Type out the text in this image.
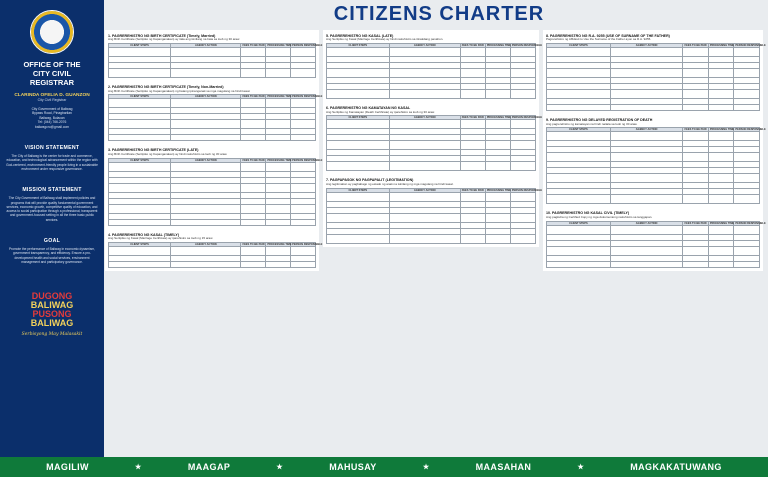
OFFICE OF THE
CITY CIVIL
REGISTRAR
CLARINDA OFELIA D. GUANZON
City Civil Registrar
City Government of Baliwag
Bypass Road, Pinagbarilan
Baliwag, Bulacan
Tel: (044) 766-2076
baliwagcro@gmail.com
VISION STATEMENT
The City of Baliwag is the center for trade and commerce, education, and technological advancement within the region with God-centered, environment-friendly people living in a sustainable environment under responsive governance.
MISSION STATEMENT
The City Government of Baliwag shall implement policies and programs that will provide quality fundamental government services, economic growth, competitive quality of education, and access to social participation through a professional, transparent and government-focused setting in all the three basic public services.
GOAL
Promote the performance of Baliwag in economic dynamism, government transparency, and efficiency. Ensure a pro-development health and social services, environment management and participatory governance.
DUGONG
BALIWAG
PUSONG
BALIWAG
Serbisyong May Malasakit
CITIZENS CHARTER
1. PAGREREHISTRO NG BIRTH CERTIFICATE (Timely, Married)

Ang Birth Certificate (Sertipiko ng Kapanganakan) ay itala ang isinilang na bata sa loob ng 30 araw.

CLIENT STEPS	AGENCY ACTION	FEES TO BE PAID	PROCESSING TIME	PERSON RESPONSIBLE

2. PAGREREHISTRO NG BIRTH CERTIFICATE (Timely, Non-Married)

Ang Birth Certificate (Sertipiko ng Kapanganakan) ng batang ipinanganak sa mga magulang na hindi kasal.

CLIENT STEPS	AGENCY ACTION	FEES TO BE PAID	PROCESSING TIME	PERSON RESPONSIBLE

3. PAGREREHISTRO NG BIRTH CERTIFICATE (LATE)

Ang Birth Certificate (Sertipiko ng Kapanganakan) ay hindi nairehistro sa loob ng 30 araw.

CLIENT STEPS	AGENCY ACTION	FEES TO BE PAID	PROCESSING TIME	PERSON RESPONSIBLE

4. PAGREREHISTRO NG KASAL (TIMELY)

Ang Sertipiko ng Kasal (Marriage Certificate) ay iparehistro sa loob ng 15 araw.

CLIENT STEPS	AGENCY ACTION	FEES TO BE PAID	PROCESSING TIME	PERSON RESPONSIBLE

5. PAGREREHISTRO NG KASAL (LATE)

Ang Sertipiko ng Kasal (Marriage Certificate) ay hindi nairehistro sa itinakdang panahon.

CLIENT STEPS	AGENCY ACTION	FEES TO BE PAID	PROCESSING TIME	PERSON RESPONSIBLE

6. PAGREREHISTRO NG KAMATAYAN NG KASAL

Ang Sertipiko ng Kamatayan (Death Certificate) ay iparehistro sa loob ng 30 araw.

CLIENT STEPS	AGENCY ACTION	FEES TO BE PAID	PROCESSING TIME	PERSON RESPONSIBLE

7. PAGPAPASOK NG PAGPAPALIT (LEGITIMATION)

Ang legitimation ay pagbabago ng estado ng anak na isinilang ng mga magulang na hindi kasal.

CLIENT STEPS	AGENCY ACTION	FEES TO BE PAID	PROCESSING TIME	PERSON RESPONSIBLE

8. PAGREREHISTRO NG R.A. 9255 (USE OF SURNAME OF THE FATHER)

Pagrerehistro ng Affidavit to Use the Surname of the Father ayon sa R.A. 9255.

CLIENT STEPS	AGENCY ACTION	FEES TO BE PAID	PROCESSING TIME	PERSON RESPONSIBLE

9. PAGREREHISTRO NG DELAYED REGISTRATION OF DEATH

Ang pagrerehistro ng kamatayan na hindi naitala sa loob ng 30 araw.

CLIENT STEPS	AGENCY ACTION	FEES TO BE PAID	PROCESSING TIME	PERSON RESPONSIBLE

10. PAGREREHISTRO NG KASAL CIVIL (TIMELY)

Ang pagkuha ng Certified Copy ng mga dokumentong nairehistro sa tanggapan.

CLIENT STEPS	AGENCY ACTION	FEES TO BE PAID	PROCESSING TIME	PERSON RESPONSIBLE

MAGILIW	★	MAAGAP	★	MAHUSAY	★	MAASAHAN	★	MAGKAKATUWANG
